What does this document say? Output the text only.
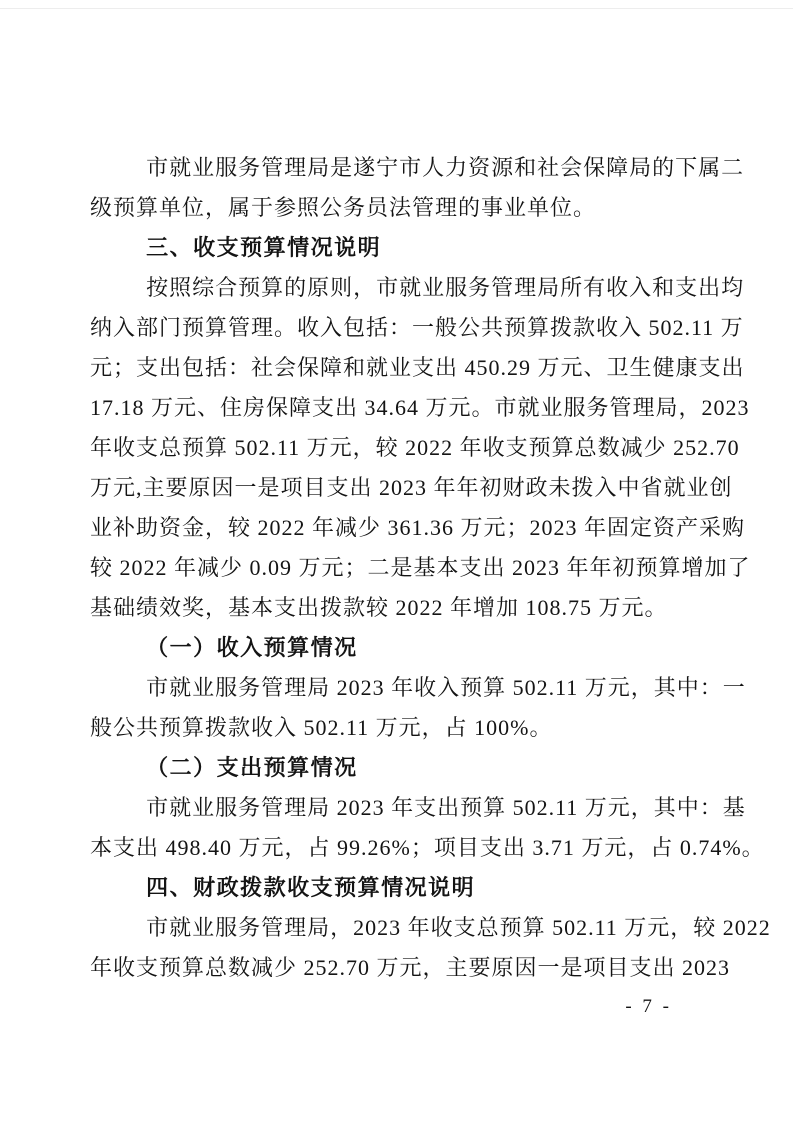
市就业服务管理局是遂宁市人力资源和社会保障局的下属二
级预算单位，属于参照公务员法管理的事业单位。
三、收支预算情况说明
按照综合预算的原则，市就业服务管理局所有收入和支出均
纳入部门预算管理。收入包括：一般公共预算拨款收入 502.11 万
元；支出包括：社会保障和就业支出 450.29 万元、卫生健康支出
17.18 万元、住房保障支出 34.64 万元。市就业服务管理局，2023
年收支总预算 502.11 万元，较 2022 年收支预算总数减少 252.70
万元,主要原因一是项目支出 2023 年年初财政未拨入中省就业创
业补助资金，较 2022 年减少 361.36 万元；2023 年固定资产采购
较 2022 年减少 0.09 万元；二是基本支出 2023 年年初预算增加了
基础绩效奖，基本支出拨款较 2022 年增加 108.75 万元。
（一）收入预算情况
市就业服务管理局 2023 年收入预算 502.11 万元，其中：一
般公共预算拨款收入 502.11 万元，占 100%。
（二）支出预算情况
市就业服务管理局 2023 年支出预算 502.11 万元，其中：基
本支出 498.40 万元，占 99.26%；项目支出 3.71 万元，占 0.74%。
四、财政拨款收支预算情况说明
市就业服务管理局，2023 年收支总预算 502.11 万元，较 2022
年收支预算总数减少 252.70 万元，主要原因一是项目支出 2023
- 7 -
